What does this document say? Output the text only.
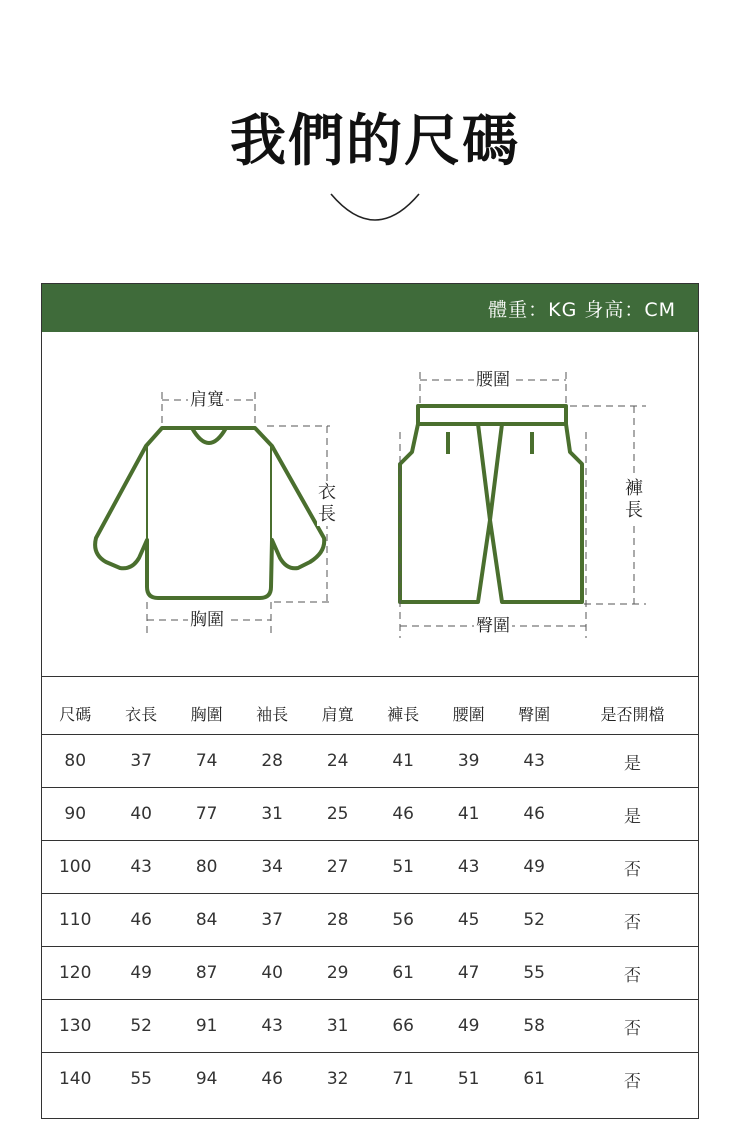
我們的尺碼
體重：KG 身高：CM
肩寬
胸圍
衣長
腰圍
褲長
臀圍
尺碼	衣長	胸圍	袖長	肩寬	褲長	腰圍	臀圍	是否開檔
80	37	74	28	24	41	39	43	是
90	40	77	31	25	46	41	46	是
100	43	80	34	27	51	43	49	否
110	46	84	37	28	56	45	52	否
120	49	87	40	29	61	47	55	否
130	52	91	43	31	66	49	58	否
140	55	94	46	32	71	51	61	否
